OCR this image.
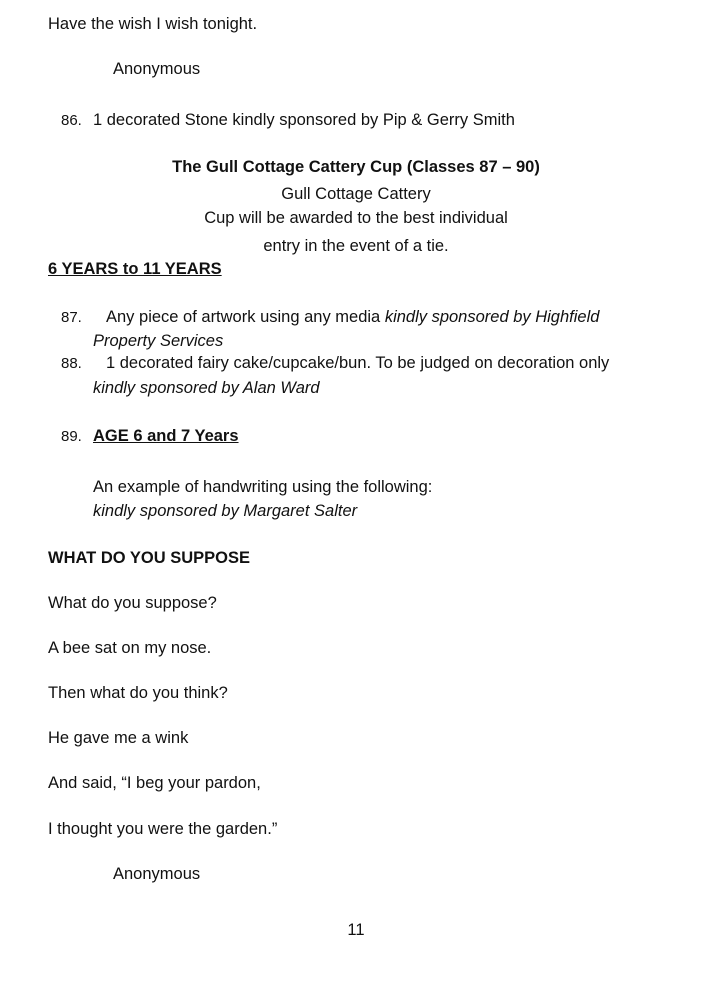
Have the wish I wish tonight.
Anonymous
86. 1 decorated Stone kindly sponsored by Pip & Gerry Smith
The Gull Cottage Cattery Cup (Classes 87 – 90)
Gull Cottage Cattery
Cup will be awarded to the best individual
entry in the event of a tie.
6 YEARS to 11 YEARS
87. Any piece of artwork using any media kindly sponsored by Highfield
Property Services
88. 1 decorated fairy cake/cupcake/bun. To be judged on decoration only
kindly sponsored by Alan Ward
89. AGE 6 and 7 Years
An example of handwriting using the following:
kindly sponsored by Margaret Salter
WHAT DO YOU SUPPOSE
What do you suppose?
A bee sat on my nose.
Then what do you think?
He gave me a wink
And said, “I beg your pardon,
I thought you were the garden.”
Anonymous
11
